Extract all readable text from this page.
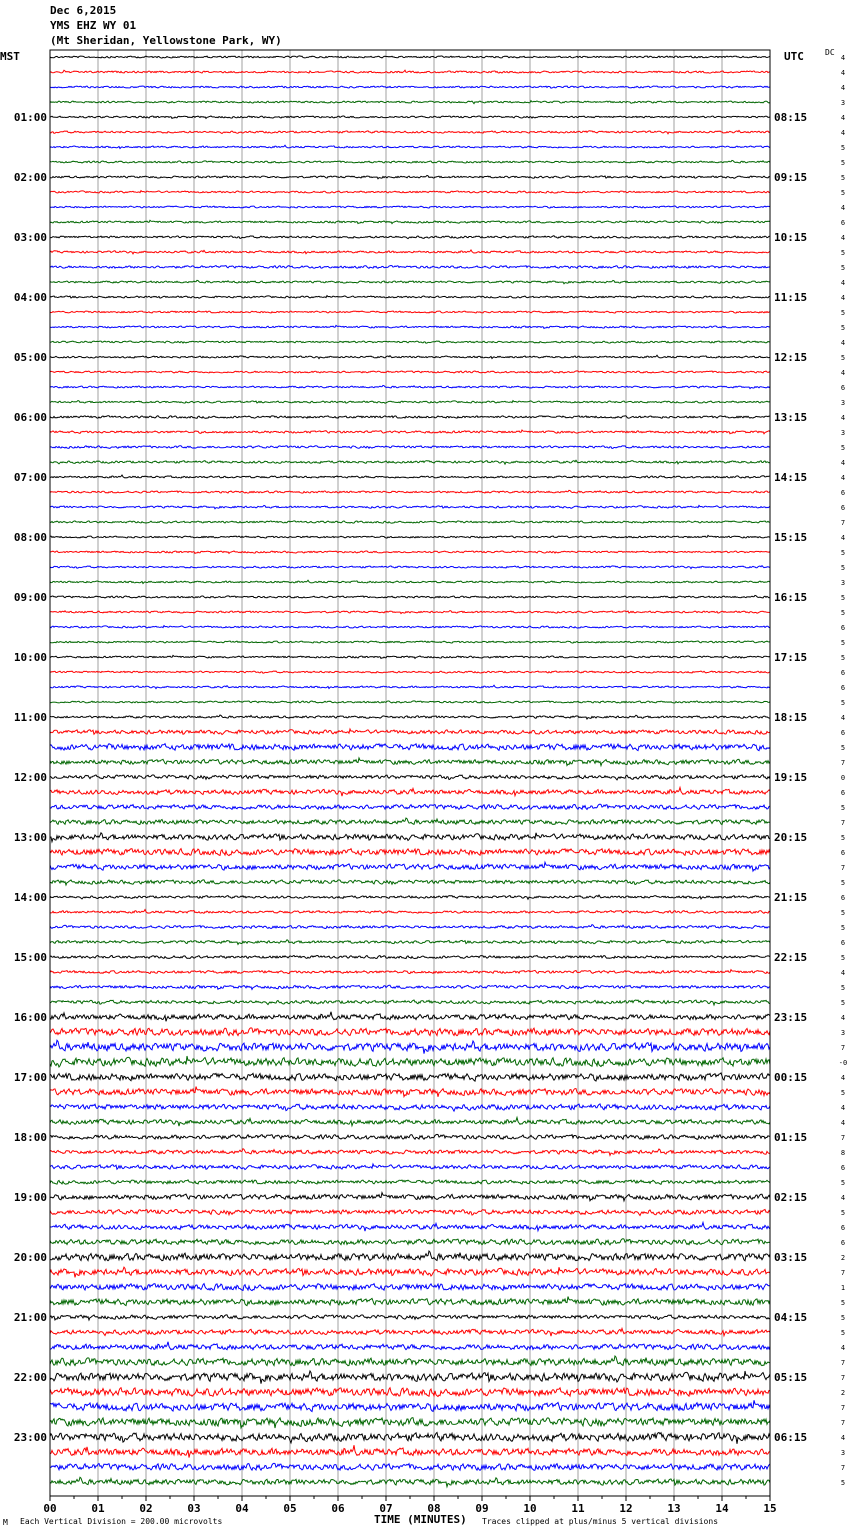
Dec 6,2015
YMS EHZ WY 01
(Mt Sheridan, Yellowstone Park, WY)
MST	UTC	DC
01:00
02:00
03:00
04:00
05:00
06:00
07:00
08:00
09:00
10:00
11:00
12:00
13:00
14:00
15:00
16:00
17:00
18:00
19:00
20:00
21:00
22:00
23:00
08:15
09:15
10:15
11:15
12:15
13:15
14:15
15:15
16:15
17:15
18:15
19:15
20:15
21:15
22:15
23:15
00:15
01:15
02:15
03:15
04:15
05:15
06:15
4
4
4
3
4
4
5
5
5
5
4
6
4
5
5
4
4
5
5
4
5
4
6
3
4
3
5
4
4
6
6
7
4
5
5
3
5
5
6
5
5
6
6
5
4
6
5
7
0
6
5
7
5
6
7
5
6
5
5
6
5
4
5
5
4
3
7
-0
4
5
4
4
7
8
6
5
4
5
6
6
2
7
1
5
5
5
4
7
7
2
7
7
4
3
7
5
00	01	02	03	04	05	06	07	08	09	10	11	12	13	14	15
M Each Vertical Division = 200.00 microvolts	TIME (MINUTES) Traces clipped at plus/minus 5 vertical divisions
